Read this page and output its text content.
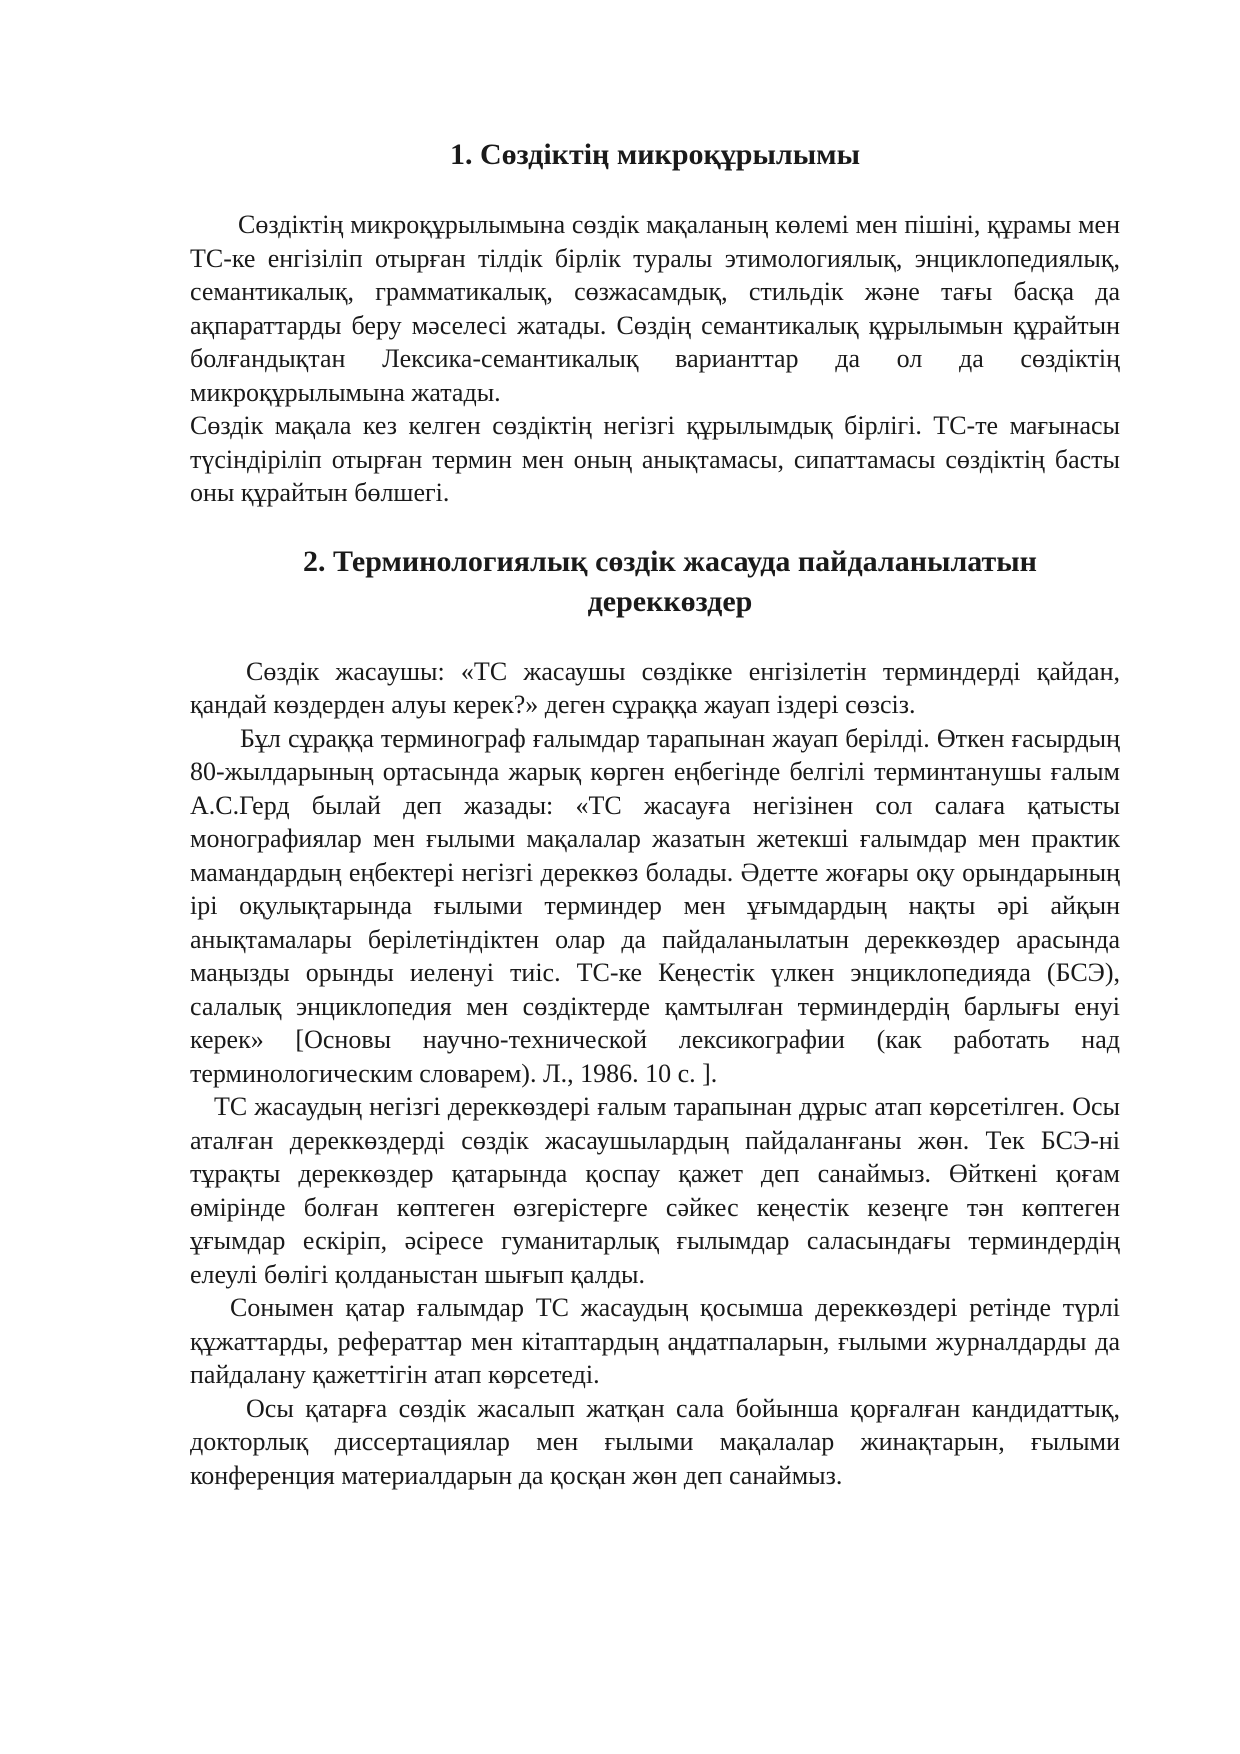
1. Сөздіктің микроқұрылымы

Сөздіктің микроқұрылымына сөздік мақаланың көлемі мен пішіні, құрамы мен ТС-ке енгізіліп отырған тілдік бірлік туралы этимологиялық, энциклопедиялық, семантикалық, грамматикалық, сөзжасамдық, стильдік және тағы басқа да ақпараттарды беру мәселесі жатады. Сөздің семантикалық құрылымын құрайтын болғандықтан Лексика-семантикалық варианттар да ол да сөздіктің микроқұрылымына жатады.

Сөздік мақала кез келген сөздіктің негізгі құрылымдық бірлігі. ТС-те мағынасы түсіндіріліп отырған термин мен оның анықтамасы, сипаттамасы сөздіктің басты оны құрайтын бөлшегі.

2. Терминологиялық сөздік жасауда пайдаланылатын дереккөздер

Сөздік жасаушы: «ТС жасаушы сөздікке енгізілетін терминдерді қайдан, қандай көздерден алуы керек?» деген сұраққа жауап іздері сөзсіз.

Бұл сұраққа терминограф ғалымдар тарапынан жауап берілді. Өткен ғасырдың 80-жылдарының ортасында жарық көрген еңбегінде белгілі терминтанушы ғалым А.С.Герд былай деп жазады: «ТС жасауға негізінен сол салаға қатысты монографиялар мен ғылыми мақалалар жазатын жетекші ғалымдар мен практик мамандардың еңбектері негізгі дереккөз болады. Әдетте жоғары оқу орындарының ірі оқулықтарында ғылыми терминдер мен ұғымдардың нақты әрі айқын анықтамалары берілетіндіктен олар да пайдаланылатын дереккөздер арасында маңызды орынды иеленуі тиіс. ТС-ке Кеңестік үлкен энциклопедияда (БСЭ), салалық энциклопедия мен сөздіктерде қамтылған терминдердің барлығы енуі керек» [Основы научно-технической лексикографии (как работать над терминологическим словарем). Л., 1986. 10 с. ].

ТС жасаудың негізгі дереккөздері ғалым тарапынан дұрыс атап көрсетілген. Осы аталған дереккөздерді сөздік жасаушылардың пайдаланғаны жөн. Тек БСЭ-ні тұрақты дереккөздер қатарында қоспау қажет деп санаймыз. Өйткені қоғам өмірінде болған көптеген өзгерістерге сәйкес кеңестік кезеңге тән көптеген ұғымдар ескіріп, әсіресе гуманитарлық ғылымдар саласындағы терминдердің елеулі бөлігі қолданыстан шығып қалды.

Сонымен қатар ғалымдар ТС жасаудың қосымша дереккөздері ретінде түрлі құжаттарды, рефераттар мен кітаптардың аңдатпаларын, ғылыми журналдарды да пайдалану қажеттігін атап көрсетеді.

Осы қатарға сөздік жасалып жатқан сала бойынша қорғалған кандидаттық, докторлық диссертациялар мен ғылыми мақалалар жинақтарын, ғылыми конференция материалдарын да қосқан жөн деп санаймыз.
